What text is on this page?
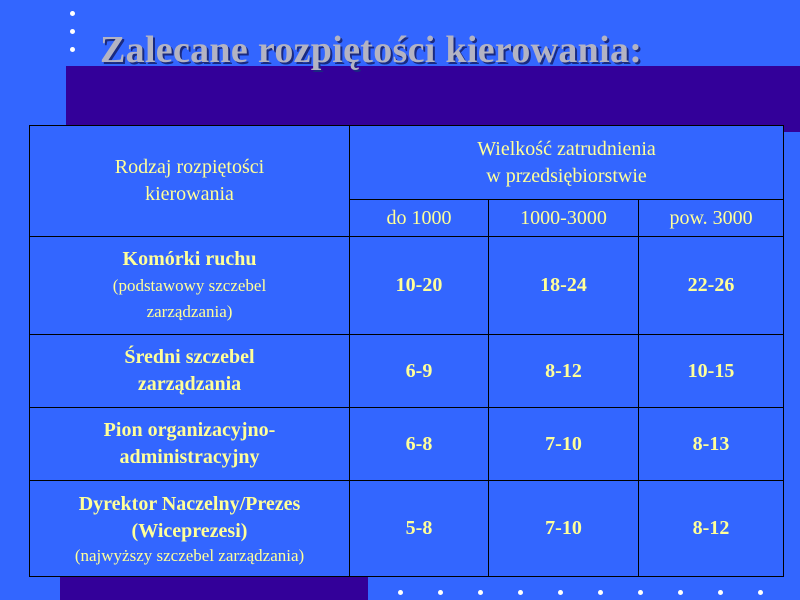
Zalecane rozpiętości kierowania:
Rodzaj rozpiętości kierowania	Wielkość zatrudnienia
w przedsiębiorstwie		
	do 1000	1000-3000	pow. 3000
Komórki ruchu
(podstawowy szczebel zarządzania)	10-20	18-24	22-26
Średni szczebel zarządzania	6-9	8-12	10-15
Pion organizacyjno-administracyjny	6-8	7-10	8-13
Dyrektor Naczelny/Prezes (Wiceprezesi)
(najwyższy szczebel zarządzania)	5-8	7-10	8-12
